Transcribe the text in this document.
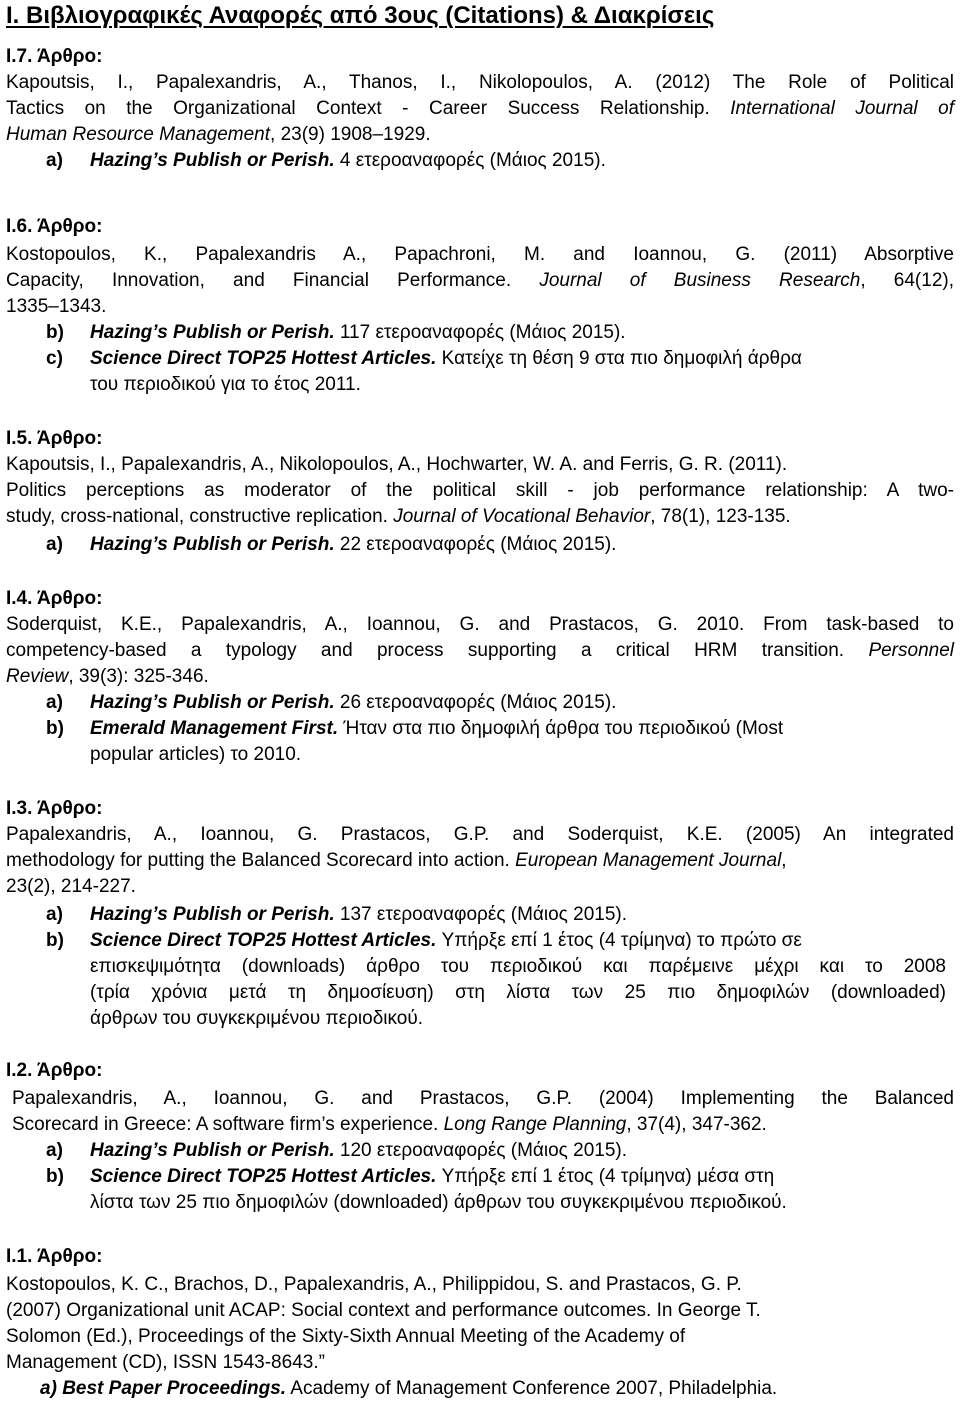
Ι. Βιβλιογραφικές Αναφορές από 3ους (Citations) & Διακρίσεις
Ι.7. Άρθρο:
Kapoutsis, I., Papalexandris, A., Thanos, I., Nikolopoulos, A. (2012) The Role of Political
Tactics on the Organizational Context - Career Success Relationship. International Journal of
Human Resource Management, 23(9) 1908–1929.
a) Hazing’s Publish or Perish. 4 ετεροαναφορές (Μάιος 2015).
Ι.6. Άρθρο:
Kostopoulos, K., Papalexandris A., Papachroni, M. and Ioannou, G. (2011) Absorptive
Capacity, Innovation, and Financial Performance. Journal of Business Research, 64(12),
1335–1343.
b) Hazing’s Publish or Perish. 117 ετεροαναφορές (Μάιος 2015).
c) Science Direct TOP25 Hottest Articles. Κατείχε τη θέση 9 στα πιο δημοφιλή άρθρα
του περιοδικού για το έτος 2011.
Ι.5. Άρθρο:
Kapoutsis, I., Papalexandris, A., Nikolopoulos, A., Hochwarter, W. A. and Ferris, G. R. (2011).
Politics perceptions as moderator of the political skill - job performance relationship: A two-
study, cross-national, constructive replication. Journal of Vocational Behavior, 78(1), 123-135.
a) Hazing’s Publish or Perish. 22 ετεροαναφορές (Μάιος 2015).
Ι.4. Άρθρο:
Soderquist, K.E., Papalexandris, A., Ioannou, G. and Prastacos, G. 2010. From task-based to
competency-based a typology and process supporting a critical HRM transition. Personnel
Review, 39(3): 325-346.
a) Hazing’s Publish or Perish. 26 ετεροαναφορές (Μάιος 2015).
b) Emerald Management First. Ήταν στα πιο δημοφιλή άρθρα του περιοδικού (Most
popular articles) το 2010.
Ι.3. Άρθρο:
Papalexandris, A., Ioannou, G. Prastacos, G.P. and Soderquist, K.E. (2005) An integrated
methodology for putting the Balanced Scorecard into action. European Management Journal,
23(2), 214-227.
a) Hazing’s Publish or Perish. 137 ετεροαναφορές (Μάιος 2015).
b) Science Direct TOP25 Hottest Articles. Υπήρξε επί 1 έτος (4 τρίμηνα) το πρώτο σε
επισκεψιμότητα (downloads) άρθρο του περιοδικού και παρέμεινε μέχρι και το 2008
(τρία χρόνια μετά τη δημοσίευση) στη λίστα των 25 πιο δημοφιλών (downloaded)
άρθρων του συγκεκριμένου περιοδικού.
Ι.2. Άρθρο:
Papalexandris, A., Ioannou, G. and Prastacos, G.P. (2004) Implementing the Balanced
Scorecard in Greece: A software firm’s experience. Long Range Planning, 37(4), 347-362.
a) Hazing’s Publish or Perish. 120 ετεροαναφορές (Μάιος 2015).
b) Science Direct TOP25 Hottest Articles. Υπήρξε επί 1 έτος (4 τρίμηνα) μέσα στη
λίστα των 25 πιο δημοφιλών (downloaded) άρθρων του συγκεκριμένου περιοδικού.
Ι.1. Άρθρο:
Kostopoulos, K. C., Brachos, D., Papalexandris, A., Philippidou, S. and Prastacos, G. P.
(2007) Organizational unit ACAP: Social context and performance outcomes. In George T.
Solomon (Ed.), Proceedings of the Sixty-Sixth Annual Meeting of the Academy of
Management (CD), ISSN 1543-8643.”
a) Best Paper Proceedings. Academy of Management Conference 2007, Philadelphia.
